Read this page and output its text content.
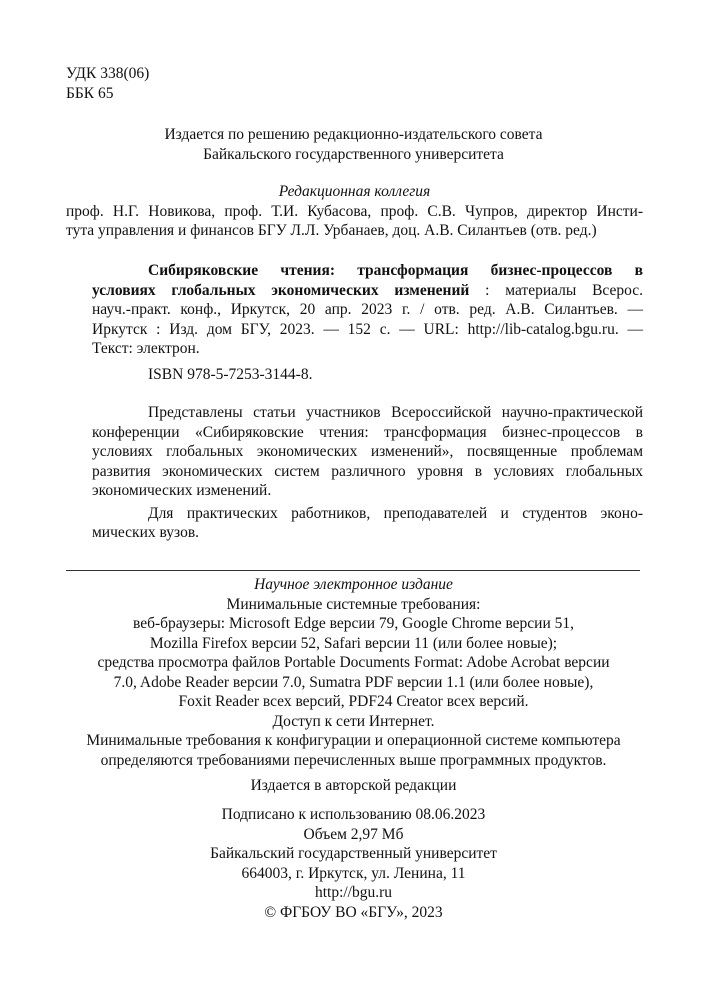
УДК 338(06)
ББК 65
Издается по решению редакционно-издательского совета
Байкальского государственного университета
Редакционная коллегия
проф. Н.Г. Новикова, проф. Т.И. Кубасова, проф. С.В. Чупров, директор Инсти-
тута управления и финансов БГУ Л.Л. Урбанаев, доц. А.В. Силантьев (отв. ред.)
Сибиряковские чтения: трансформация бизнес-процессов в
условиях глобальных экономических изменений : материалы Всерос.
науч.-практ. конф., Иркутск, 20 апр. 2023 г. / отв. ред. А.В. Силантьев. —
Иркутск : Изд. дом БГУ, 2023. — 152 с. — URL: http://lib-catalog.bgu.ru. —
Текст: электрон.
ISBN 978-5-7253-3144-8.
Представлены статьи участников Всероссийской научно-практической
конференции «Сибиряковские чтения: трансформация бизнес-процессов в
условиях глобальных экономических изменений», посвященные проблемам
развития экономических систем различного уровня в условиях глобальных
экономических изменений.
Для практических работников, преподавателей и студентов эконо-
мических вузов.
Научное электронное издание
Минимальные системные требования:
веб-браузеры: Microsoft Edge версии 79, Google Chrome версии 51,
Mozilla Firefox версии 52, Safari версии 11 (или более новые);
средства просмотра файлов Portable Documents Format: Adobe Acrobat версии
7.0, Adobe Reader версии 7.0, Sumatra PDF версии 1.1 (или более новые),
Foxit Reader всех версий, PDF24 Creator всех версий.
Доступ к сети Интернет.
Минимальные требования к конфигурации и операционной системе компьютера
определяются требованиями перечисленных выше программных продуктов.
Издается в авторской редакции
Подписано к использованию 08.06.2023
Объем 2,97 Мб
Байкальский государственный университет
664003, г. Иркутск, ул. Ленина, 11
http://bgu.ru
© ФГБОУ ВО «БГУ», 2023
